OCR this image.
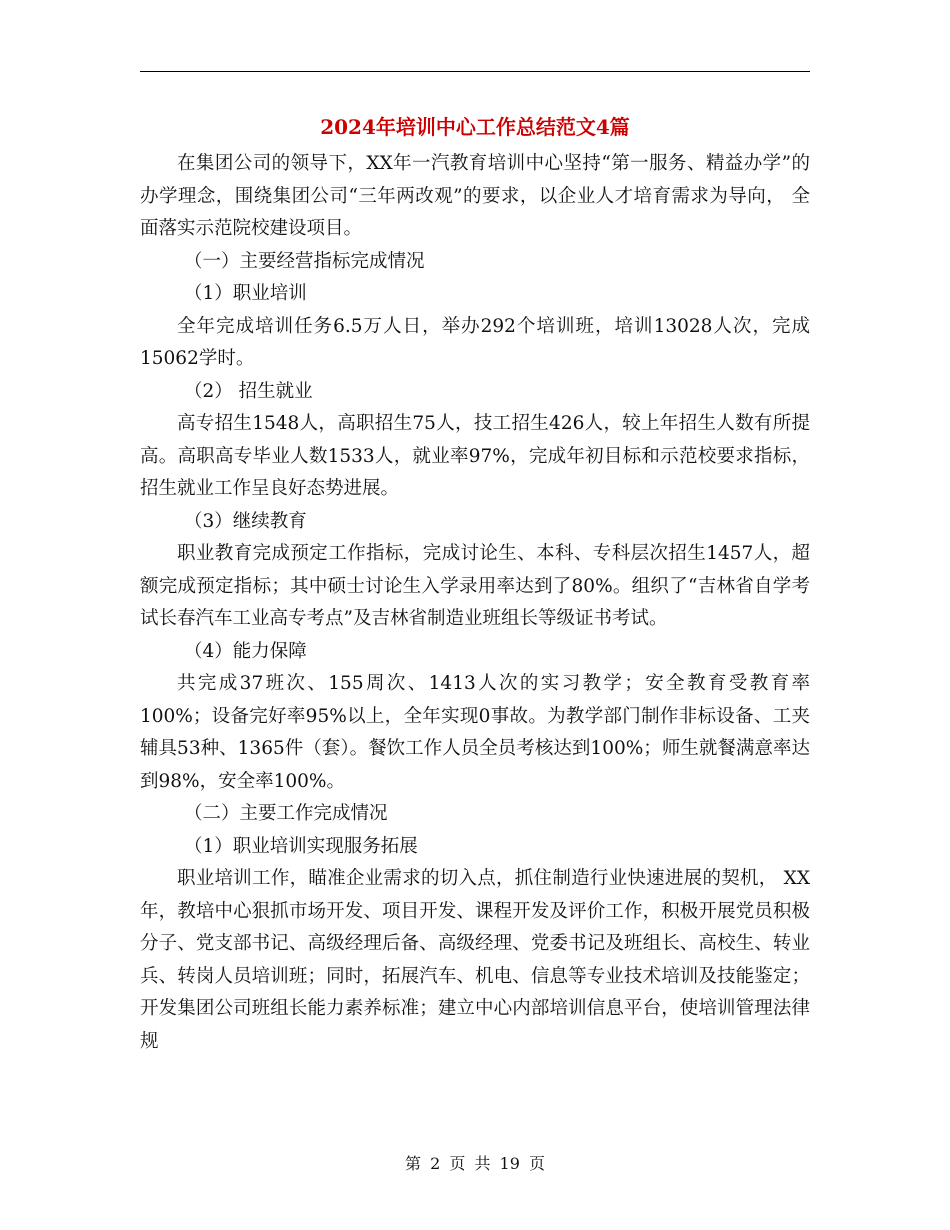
2024年培训中心工作总结范文4篇

在集团公司的领导下，XX年一汽教育培训中心坚持“第一服务、精益办学”的办学理念，围绕集团公司“三年两改观”的要求，以企业人才培育需求为导向， 全面落实示范院校建设项目。

（一）主要经营指标完成情况

（1）职业培训

全年完成培训任务6.5万人日，举办292个培训班，培训13028人次，完成15062学时。

（2） 招生就业

高专招生1548人，高职招生75人，技工招生426人，较上年招生人数有所提高。高职高专毕业人数1533人，就业率97%，完成年初目标和示范校要求指标，招生就业工作呈良好态势进展。

（3）继续教育

职业教育完成预定工作指标，完成讨论生、本科、专科层次招生1457人，超额完成预定指标；其中硕士讨论生入学录用率达到了80%。组织了“吉林省自学考试长春汽车工业高专考点”及吉林省制造业班组长等级证书考试。

（4）能力保障

共完成37班次、155周次、1413人次的实习教学；安全教育受教育率100%；设备完好率95%以上，全年实现0事故。为教学部门制作非标设备、工夹辅具53种、1365件（套）。餐饮工作人员全员考核达到100%；师生就餐满意率达到98%，安全率100%。

（二）主要工作完成情况

（1）职业培训实现服务拓展

职业培训工作，瞄准企业需求的切入点，抓住制造行业快速进展的契机， XX年，教培中心狠抓市场开发、项目开发、课程开发及评价工作，积极开展党员积极分子、党支部书记、高级经理后备、高级经理、党委书记及班组长、高校生、转业兵、转岗人员培训班；同时，拓展汽车、机电、信息等专业技术培训及技能鉴定；开发集团公司班组长能力素养标准；建立中心内部培训信息平台，使培训管理法律规

第 2 页 共 19 页
